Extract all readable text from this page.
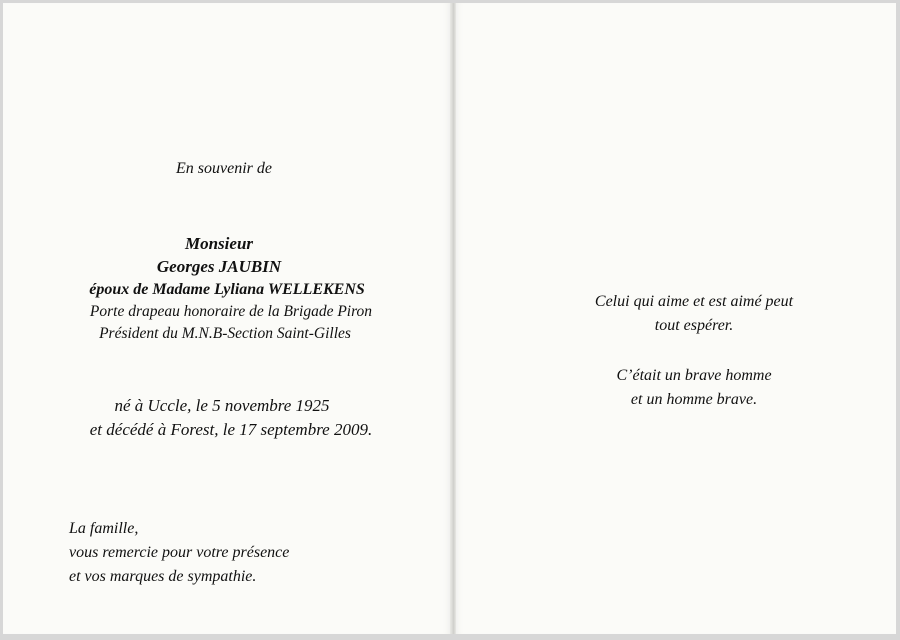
En souvenir de
Monsieur
Georges JAUBIN
époux de Madame Lyliana WELLEKENS
Porte drapeau honoraire de la Brigade Piron
Président du M.N.B-Section Saint-Gilles
né à Uccle, le 5 novembre 1925
et décédé à Forest, le 17 septembre 2009.
La famille,
vous remercie pour votre présence
et vos marques de sympathie.
Celui qui aime et est aimé peut
tout espérer.
C’était un brave homme
et un homme brave.
